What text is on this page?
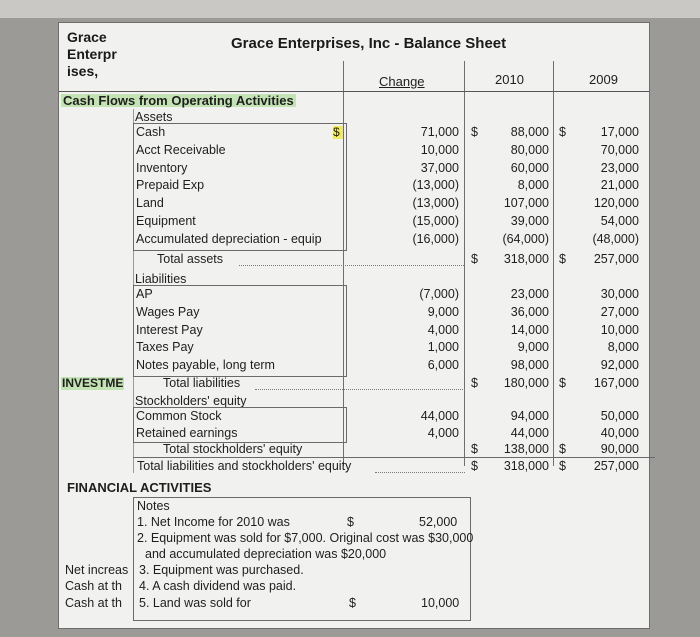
Grace
Enterpr
ises,
Grace Enterprises, Inc - Balance Sheet
Change	2010	2009
Cash Flows from Operating Activities
Assets
Cash	71,000	88,000	17,000
$	$
Acct Receivable	10,000	80,000	70,000
Inventory	37,000	60,000	23,000
Prepaid Exp	(13,000)	8,000	21,000
Land	(13,000)	107,000	120,000
Equipment	(15,000)	39,000	54,000
Accumulated depreciation - equip	(16,000)	(64,000)	(48,000)
$
Total assets	$	318,000 $	257,000
Liabilities
AP	(7,000)	23,000	30,000
Wages Pay	9,000	36,000	27,000
Interest Pay	4,000	14,000	10,000
Taxes Pay	1,000	9,000	8,000
Notes payable, long term	6,000	98,000	92,000
INVESTME	Total liabilities	$	180,000 $	167,000
Stockholders' equity
Common Stock	44,000	94,000	50,000
Retained earnings	4,000	44,000	40,000
Total stockholders' equity	$	138,000 $	90,000
Total liabilities and stockholders' equity	$	318,000 $	257,000
FINANCIAL ACTIVITIES
Notes
1. Net Income for 2010 was	$	52,000
2. Equipment was sold for $7,000. Original cost was $30,000
and accumulated depreciation was $20,000
Net increas 3. Equipment was purchased.
Cash at th 4. A cash dividend was paid.
Cash at th 5. Land was sold for	$	10,000
